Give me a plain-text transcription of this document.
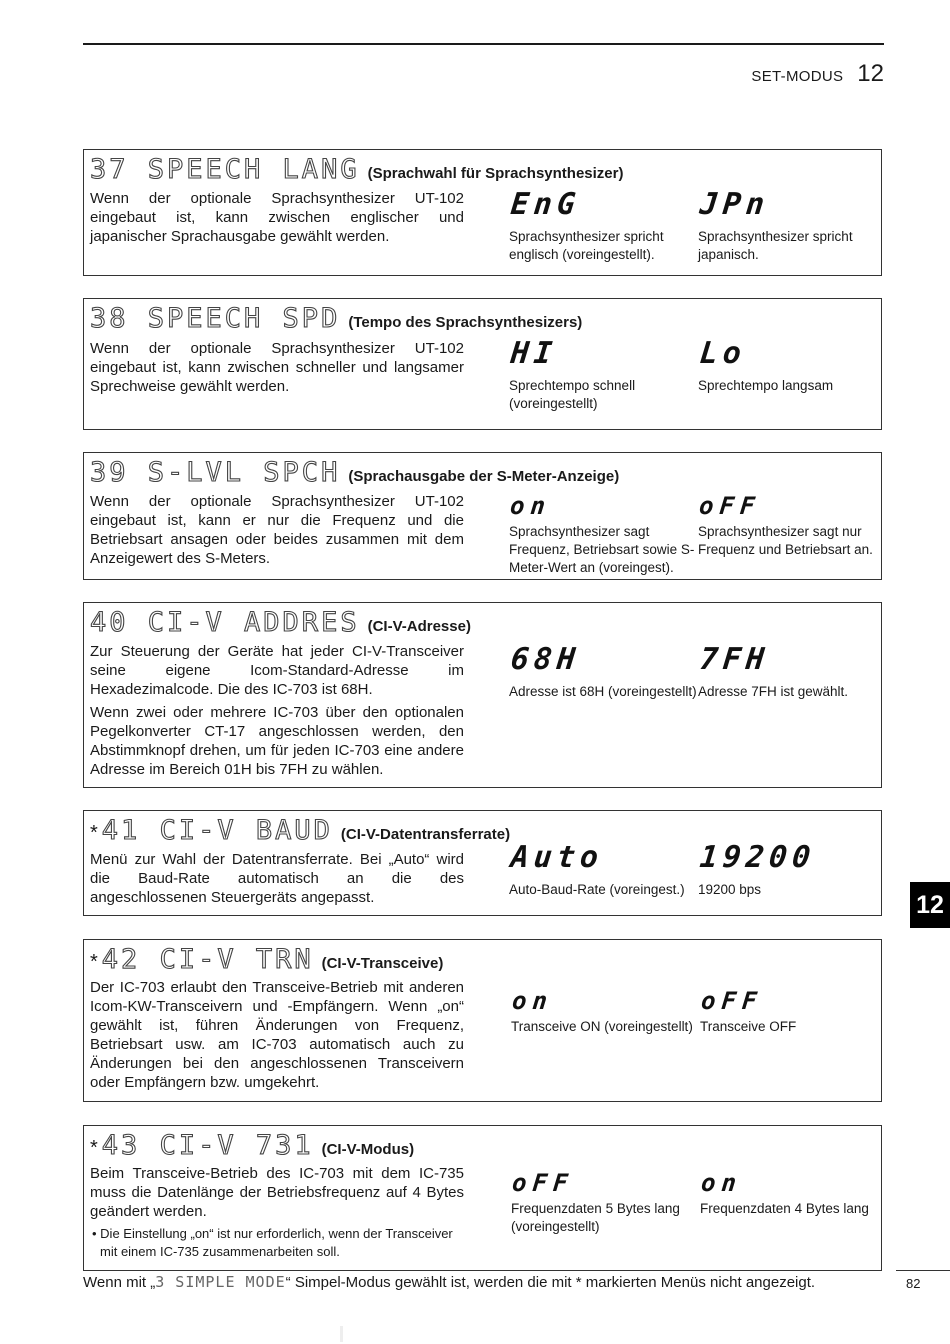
SET-MODUS 12
37 SPEECH LANG (Sprachwahl für Sprachsynthesizer)

Wenn der optionale Sprachsynthesizer UT-102 eingebaut ist, kann zwischen englischer und japanischer Sprachausgabe gewählt werden.

EnG
Sprachsynthesizer spricht englisch (voreingestellt).
JPn
Sprachsynthesizer spricht japanisch.
38 SPEECH SPD (Tempo des Sprachsynthesizers)

Wenn der optionale Sprachsynthesizer UT-102 eingebaut ist, kann zwischen schneller und langsamer Sprechweise gewählt werden.

HI
Sprechtempo schnell (voreingestellt)
Lo
Sprechtempo langsam
39 S-LVL SPCH (Sprachausgabe der S-Meter-Anzeige)

Wenn der optionale Sprachsynthesizer UT-102 eingebaut ist, kann er nur die Frequenz und die Betriebsart ansagen oder beides zusammen mit dem Anzeigewert des S-Meters.

on
Sprachsynthesizer sagt Frequenz, Betriebsart sowie S-Meter-Wert an (voreingest).
oFF
Sprachsynthesizer sagt nur Frequenz und Betriebsart an.
40 CI-V ADDRES (CI-V-Adresse)

Zur Steuerung der Geräte hat jeder CI-V-Transceiver seine eigene Icom-Standard-Adresse im Hexadezimalcode. Die des IC-703 ist 68H.

Wenn zwei oder mehrere IC-703 über den optionalen Pegelkonverter CT-17 angeschlossen werden, den Abstimmknopf drehen, um für jeden IC-703 eine andere Adresse im Bereich 01H bis 7FH zu wählen.

68H
Adresse ist 68H (voreingestellt)
7FH
Adresse 7FH ist gewählt.
* 41 CI-V BAUD (CI-V-Datentransferrate)

Menü zur Wahl der Datentransferrate. Bei „Auto“ wird die Baud-Rate automatisch an die des angeschlossenen Steuergeräts angepasst.

Auto
Auto-Baud-Rate (voreingest.)
19200
19200 bps
* 42 CI-V TRN (CI-V-Transceive)

Der IC-703 erlaubt den Transceive-Betrieb mit anderen Icom-KW-Transceivern und -Empfängern. Wenn „on“ gewählt ist, führen Änderungen von Frequenz, Betriebsart usw. am IC-703 automatisch auch zu Änderungen bei den angeschlossenen Transceivern oder Empfängern bzw. umgekehrt.

on
Transceive ON (voreingestellt)
oFF
Transceive OFF
* 43 CI-V 731 (CI-V-Modus)

Beim Transceive-Betrieb des IC-703 mit dem IC-735 muss die Datenlänge der Betriebsfrequenz auf 4 Bytes geändert werden.

• Die Einstellung „on“ ist nur erforderlich, wenn der Transceiver mit einem IC-735 zusammenarbeiten soll.
oFF
Frequenzdaten 5 Bytes lang (voreingestellt)
on
Frequenzdaten 4 Bytes lang
12
Wenn mit „3 SIMPLE MODE“ Simpel-Modus gewählt ist, werden die mit * markierten Menüs nicht angezeigt.	82
